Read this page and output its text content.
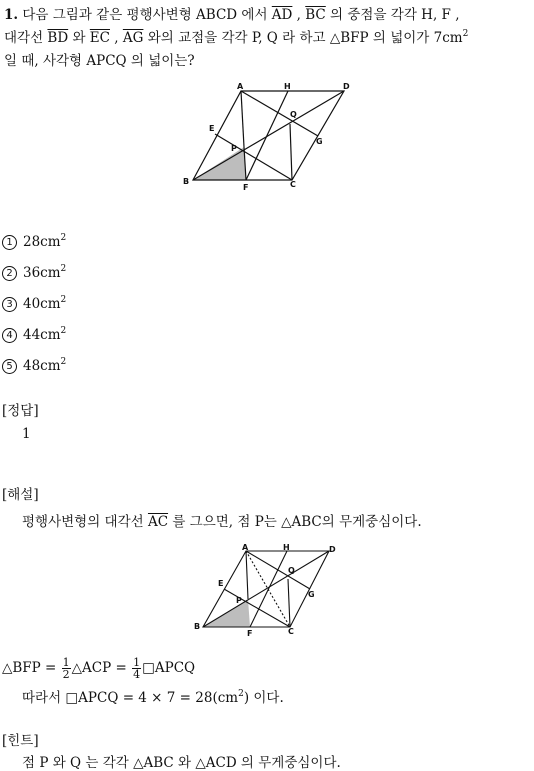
1. 다음 그림과 같은 평행사변형 ABCD 에서 $\overline{AD}$ , $\overline{BC}$ 의 중점을 각각 H, F ,
대각선 $\overline{BD}$ 와 $\overline{EC}$ , $\overline{AG}$ 와의 교점을 각각 P, Q 라 하고 △BFP 의 넓이가 $7cm^2$
일 때, 사각형 APCQ 의 넓이는?
A	H	D
E
Q
G
P
B
F	C
1 $28cm^2$
2 $36cm^2$
3 $40cm^2$
4 $44cm^2$
5 $48cm^2$
[정답]
1
[해설]
평행사변형의 대각선 $\overline{AC}$ 를 그으면, 점 P는 △ABC의 무게중심이다.
A	H	D
E
Q
G
P
B
F	C
△BFP = $\frac{1}{2}$ △ACP = $\frac{1}{4}$ □APCQ
따라서 □APCQ = $4 \times 7 = 28(cm^2)$ 이다.
[힌트]
점 P 와 Q 는 각각 △ABC 와 △ACD 의 무게중심이다.
